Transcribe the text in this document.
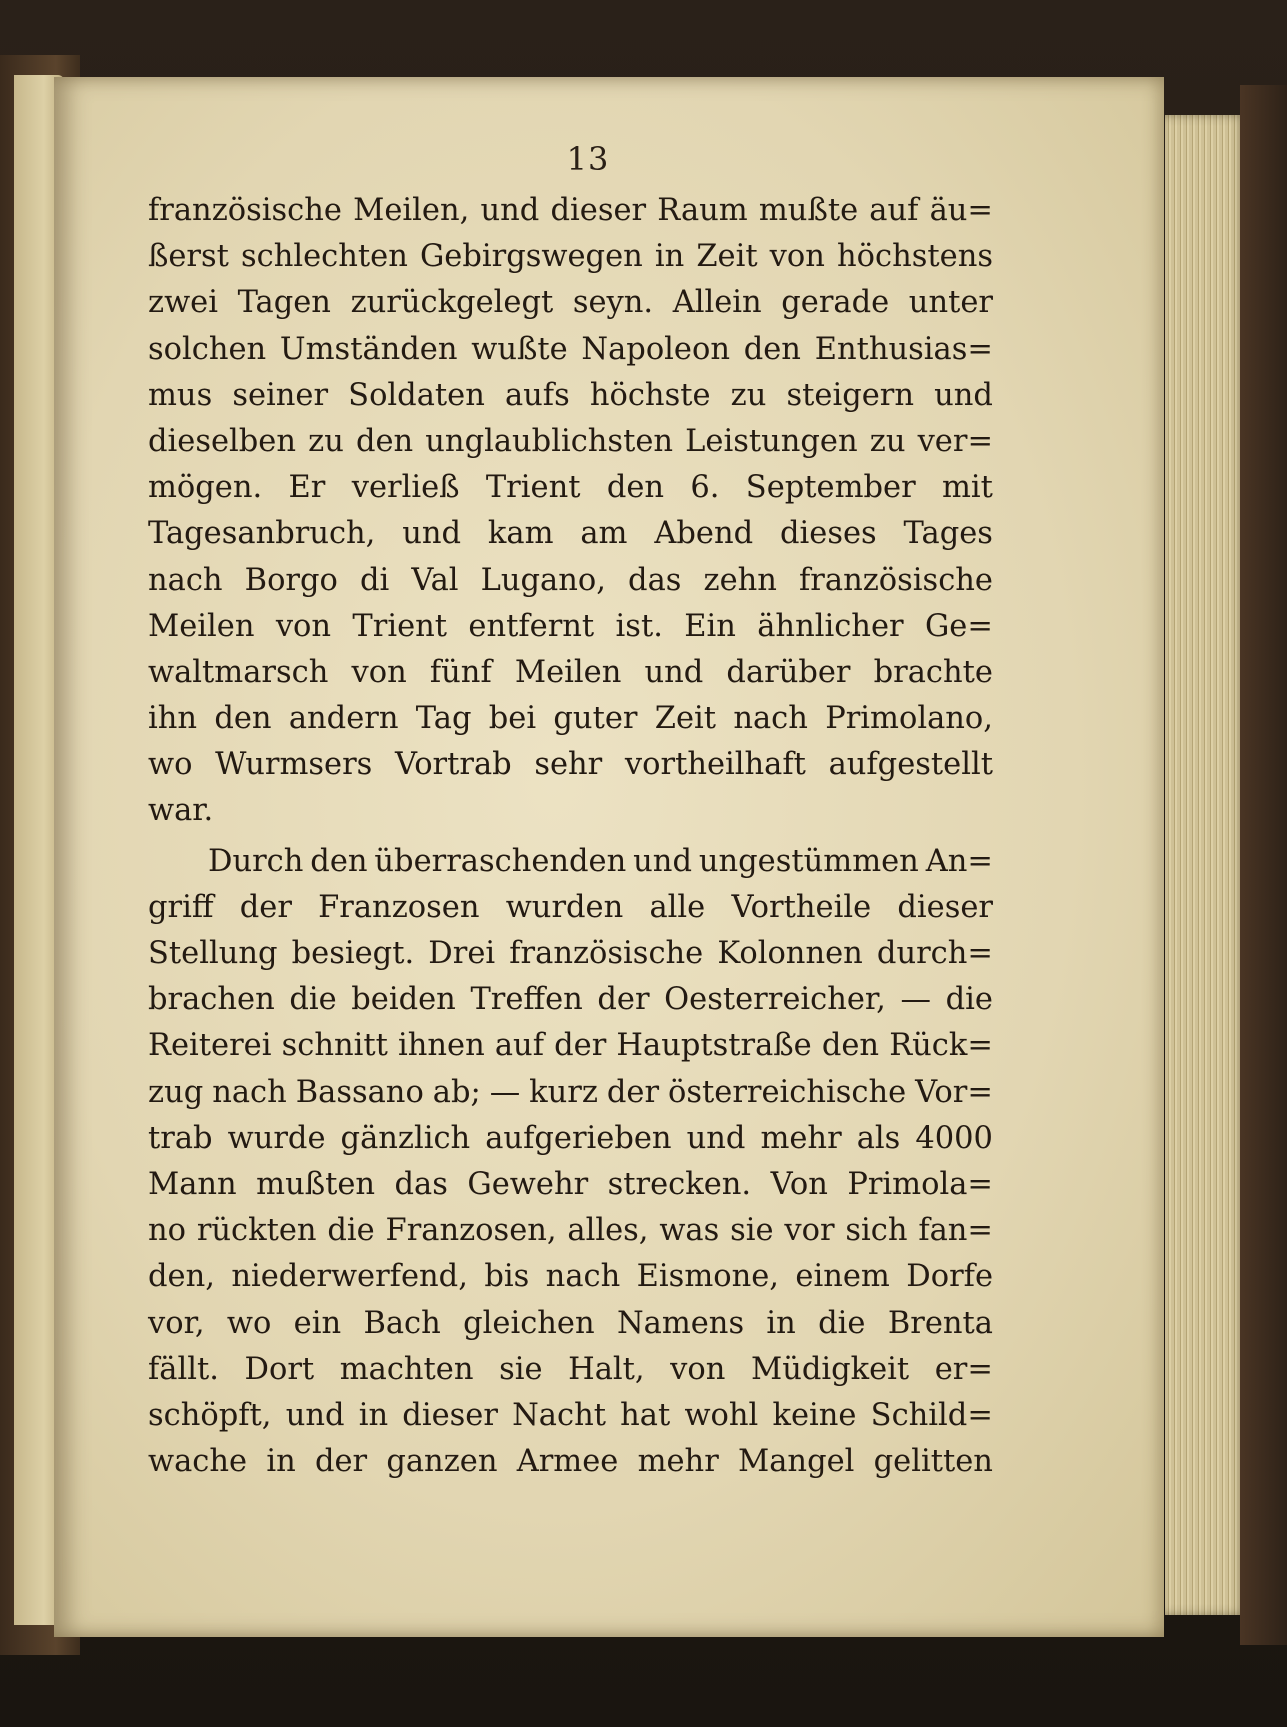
13
französische Meilen, und dieser Raum mußte auf äu=
ßerst schlechten Gebirgswegen in Zeit von höchstens
zwei Tagen zurückgelegt seyn. Allein gerade unter
solchen Umständen wußte Napoleon den Enthusias=
mus seiner Soldaten aufs höchste zu steigern und
dieselben zu den unglaublichsten Leistungen zu ver=
mögen. Er verließ Trient den 6. September mit
Tagesanbruch, und kam am Abend dieses Tages
nach Borgo di Val Lugano, das zehn französische
Meilen von Trient entfernt ist. Ein ähnlicher Ge=
waltmarsch von fünf Meilen und darüber brachte
ihn den andern Tag bei guter Zeit nach Primolano,
wo Wurmsers Vortrab sehr vortheilhaft aufgestellt
war.
Durch den überraschenden und ungestümmen An=
griff der Franzosen wurden alle Vortheile dieser
Stellung besiegt. Drei französische Kolonnen durch=
brachen die beiden Treffen der Oesterreicher, — die
Reiterei schnitt ihnen auf der Hauptstraße den Rück=
zug nach Bassano ab; — kurz der österreichische Vor=
trab wurde gänzlich aufgerieben und mehr als 4000
Mann mußten das Gewehr strecken. Von Primola=
no rückten die Franzosen, alles, was sie vor sich fan=
den, niederwerfend, bis nach Eismone, einem Dorfe
vor, wo ein Bach gleichen Namens in die Brenta
fällt. Dort machten sie Halt, von Müdigkeit er=
schöpft, und in dieser Nacht hat wohl keine Schild=
wache in der ganzen Armee mehr Mangel gelitten
